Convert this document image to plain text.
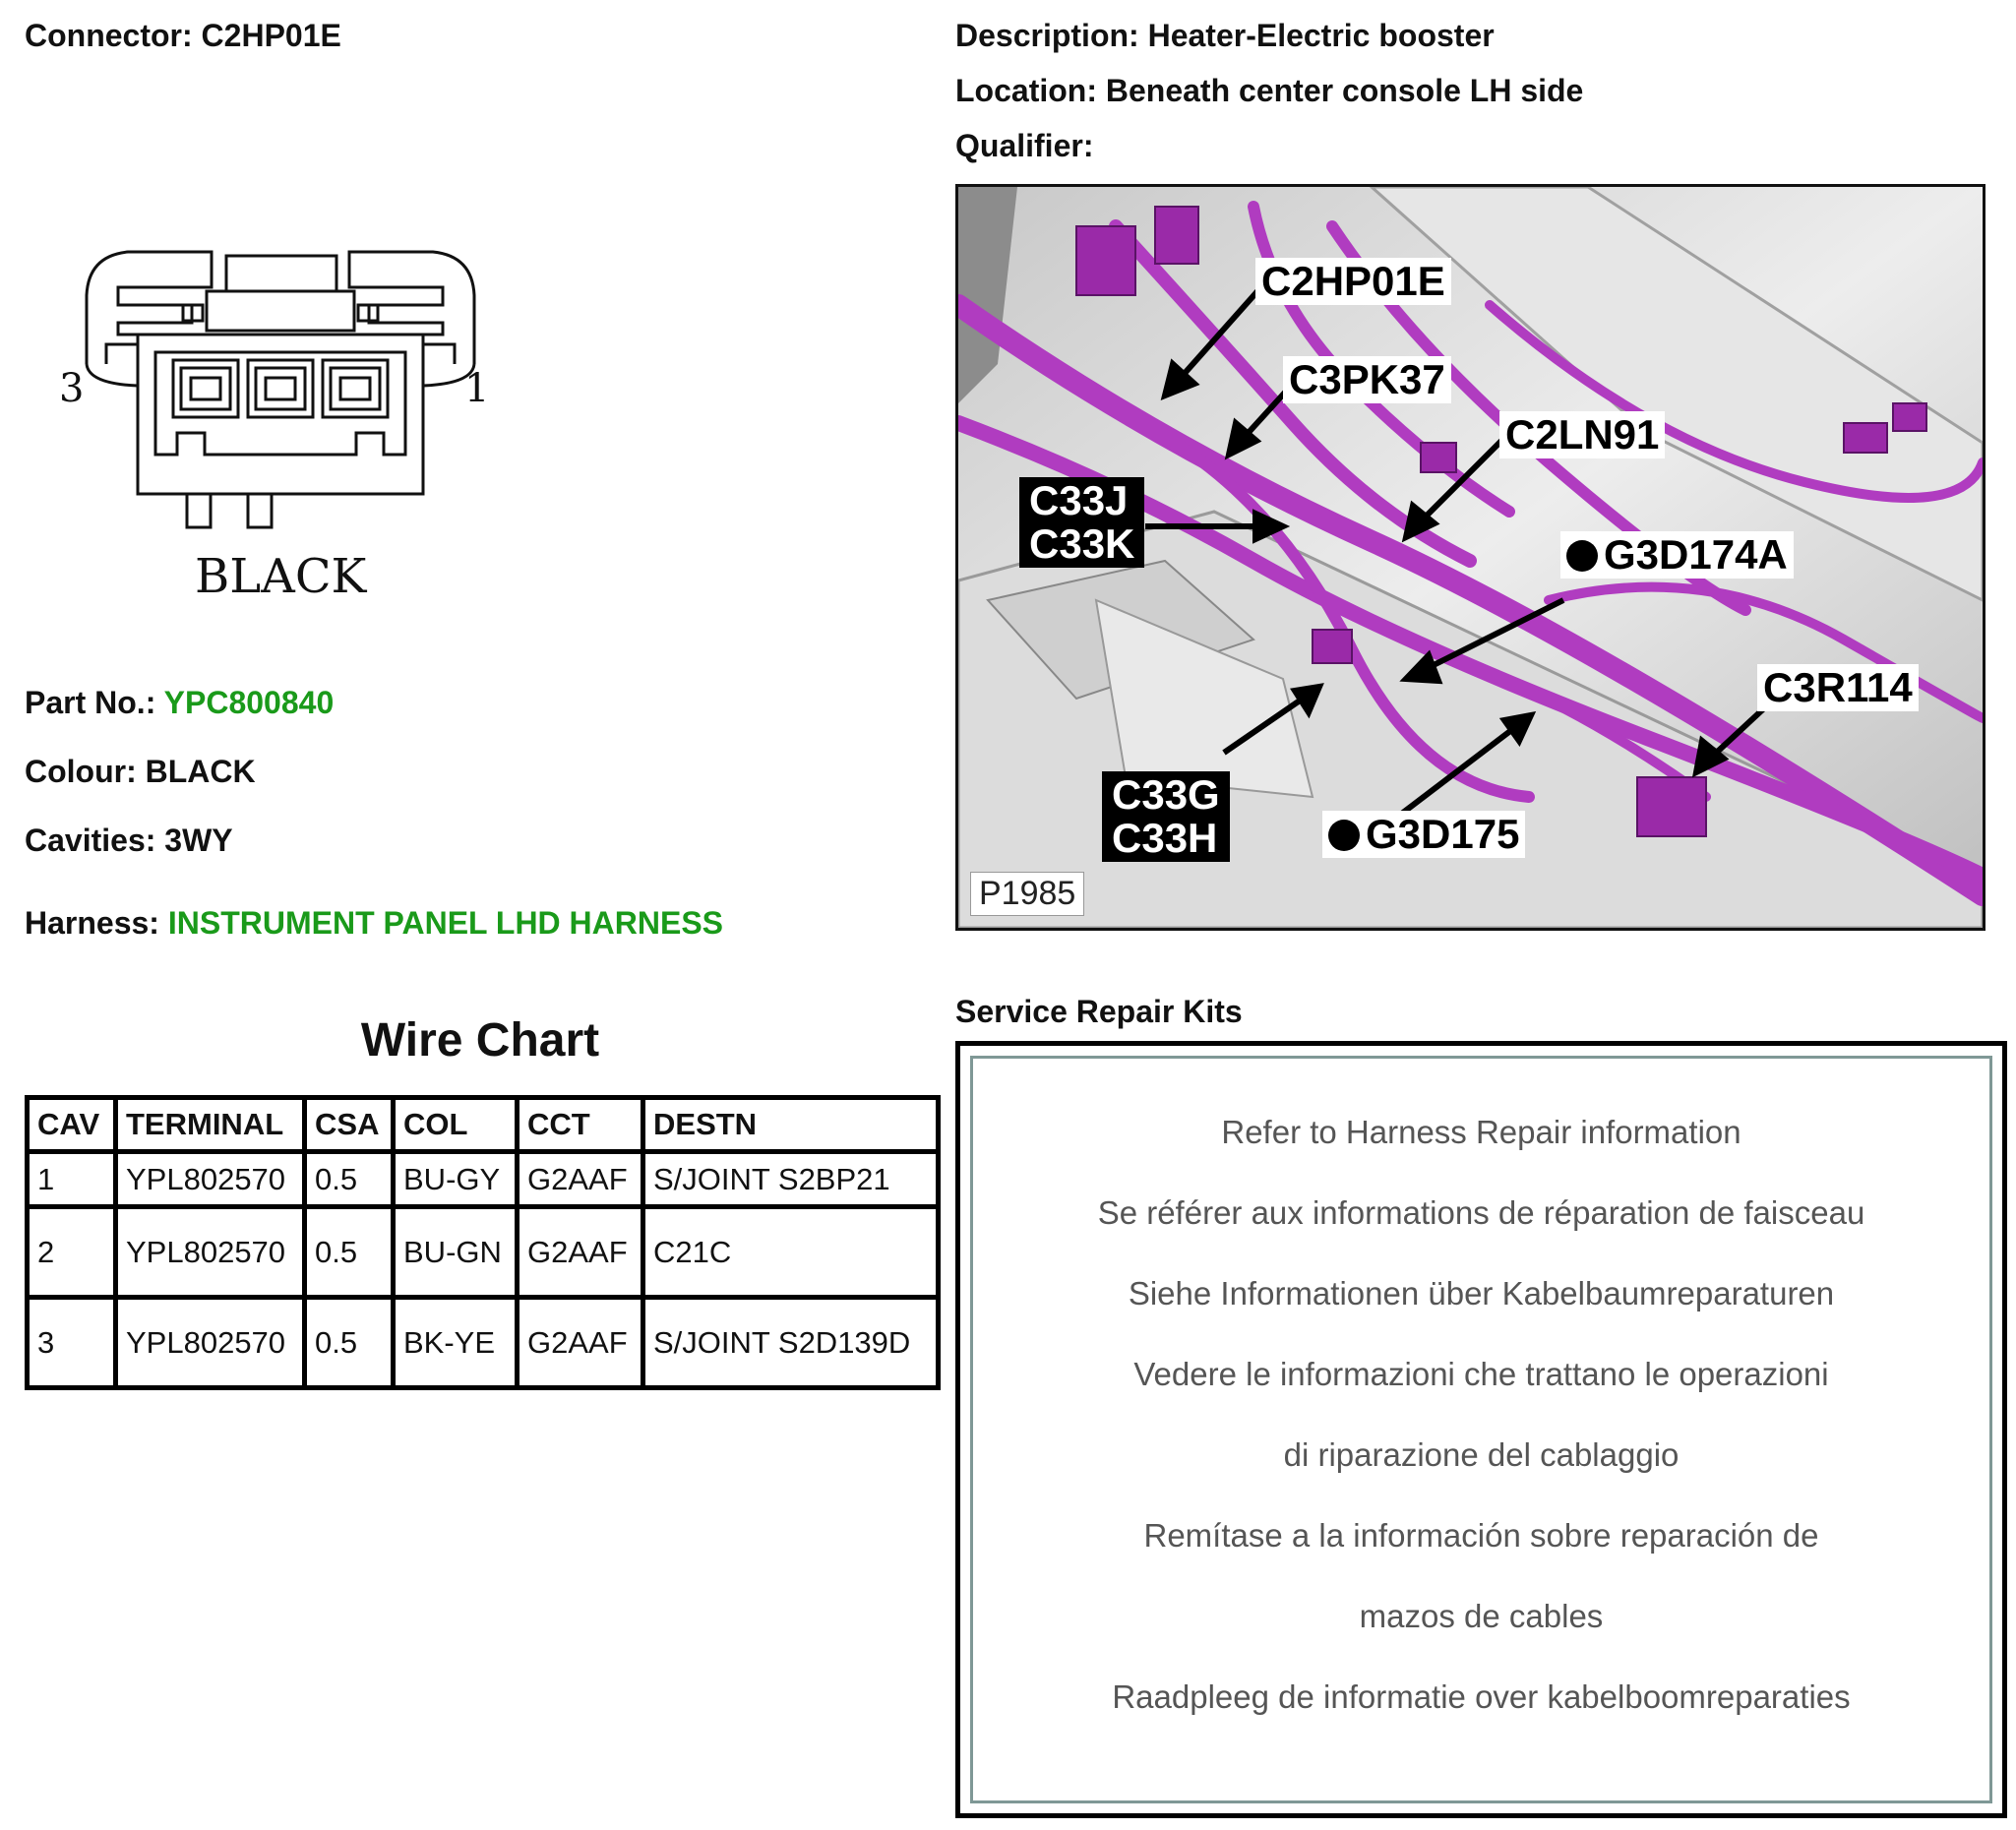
Connector: C2HP01E	Description: Heater-Electric booster
Location: Beneath center console LH side
Qualifier:
3	1
BLACK
Part No.: YPC800840
Colour: BLACK
Cavities: 3WY
Harness: INSTRUMENT PANEL LHD HARNESS
Wire Chart
CAV	TERMINAL	CSA	COL	CCT	DESTN
1	YPL802570	0.5	BU-GY	G2AAF	S/JOINT S2BP21
2	YPL802570	0.5	BU-GN	G2AAF	C21C
3	YPL802570	0.5	BK-YE	G2AAF	S/JOINT S2D139D
C2HP01E
C3PK37
C2LN91
C33J
C33K	G3D174A
C3R114
C33G
C33H	G3D175
P1985
Service Repair Kits
Refer to Harness Repair information
Se référer aux informations de réparation de faisceau
Siehe Informationen über Kabelbaumreparaturen
Vedere le informazioni che trattano le operazioni
di riparazione del cablaggio
Remítase a la información sobre reparación de
mazos de cables
Raadpleeg de informatie over kabelboomreparaties
